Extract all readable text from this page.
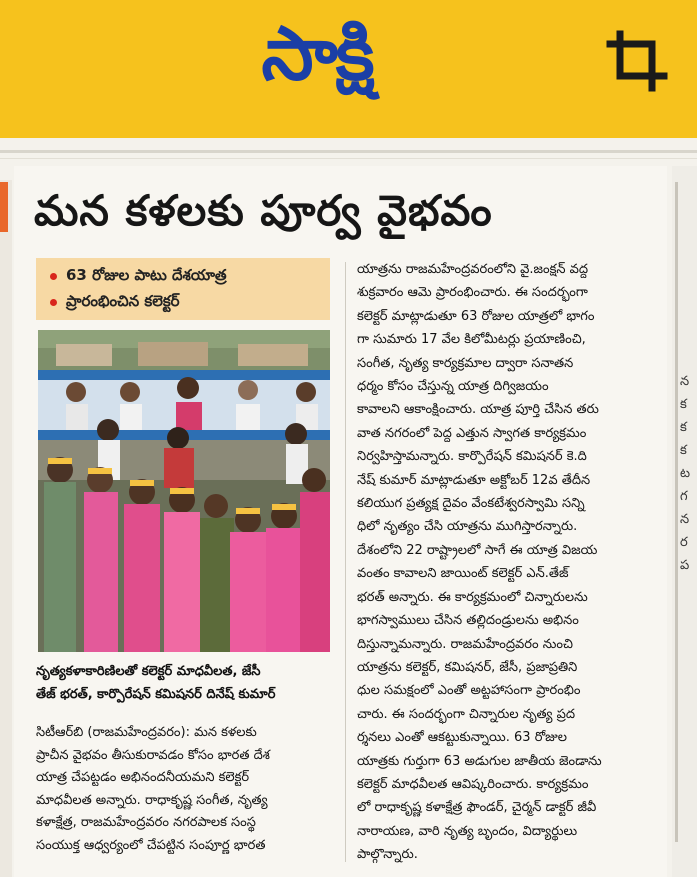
సాక్షి
మన కళలకు పూర్వ వైభవం
63 రోజుల పాటు దేశయాత్ర
ప్రారంభించిన కలెక్టర్
నృత్యకళాకారిణిలతో కలెక్టర్ మాధవీలత, జేసీ
తేజ్ భరత్, కార్పొరేషన్ కమిషనర్ దినేష్ కుమార్
సిటీఆర్‌బి (రాజమహేంద్రవరం): మన కళలకు
ప్రాచీన వైభవం తీసుకురావడం కోసం భారత దేశ
యాత్ర చేపట్టడం అభినందనీయమని కలెక్టర్
మాధవీలత అన్నారు. రాధాకృష్ణ సంగీత, నృత్య
కళాక్షేత్ర, రాజమహేంద్రవరం నగరపాలక సంస్థ
సంయుక్త ఆధ్వర్యంలో చేపట్టిన సంపూర్ణ భారత
యాత్రను రాజమహేంద్రవరంలోని వై.జంక్షన్ వద్ద
శుక్రవారం ఆమె ప్రారంభించారు. ఈ సందర్భంగా
కలెక్టర్ మాట్లాడుతూ 63 రోజుల యాత్రలో భాగం
గా సుమారు 17 వేల కిలోమీటర్లు ప్రయాణించి,
సంగీత, నృత్య కార్యక్రమాల ద్వారా సనాతన
ధర్మం కోసం చేస్తున్న యాత్ర దిగ్విజయం
కావాలని ఆకాంక్షించారు. యాత్ర పూర్తి చేసిన తరు
వాత నగరంలో పెద్ద ఎత్తున స్వాగత కార్యక్రమం
నిర్వహిస్తామన్నారు. కార్పొరేషన్ కమిషనర్ కె.ది
నేష్ కుమార్ మాట్లాడుతూ అక్టోబర్ 12వ తేదీన
కలియుగ ప్రత్యక్ష దైవం వేంకటేశ్వరస్వామి సన్ని
ధిలో నృత్యం చేసి యాత్రను ముగిస్తారన్నారు.
దేశంలోని 22 రాష్ట్రాలలో సాగే ఈ యాత్ర విజయ
వంతం కావాలని జాయింట్ కలెక్టర్ ఎన్.తేజ్
భరత్ అన్నారు. ఈ కార్యక్రమంలో చిన్నారులను
భాగస్వాములు చేసిన తల్లిదండ్రులను అభినం
దిస్తున్నామన్నారు. రాజమహేంద్రవరం నుంచి
యాత్రను కలెక్టర్, కమిషనర్, జేసీ, ప్రజాప్రతిని
ధుల సమక్షంలో ఎంతో అట్టహాసంగా ప్రారంభిం
చారు. ఈ సందర్భంగా చిన్నారుల నృత్య ప్రద
ర్శనలు ఎంతో ఆకట్టుకున్నాయి. 63 రోజుల
యాత్రకు గుర్తుగా 63 అడుగుల జాతీయ జెండాను
కలెక్టర్ మాధవీలత ఆవిష్కరించారు. కార్యక్రమం
లో రాధాకృష్ణ కళాక్షేత్ర ఫౌండర్, చైర్మన్ డాక్టర్ జీవీ
నారాయణ, వారి నృత్య బృందం, విద్యార్థులు
పాల్గొన్నారు.
న
క
క
క
ట
గ
న
ర
ప
